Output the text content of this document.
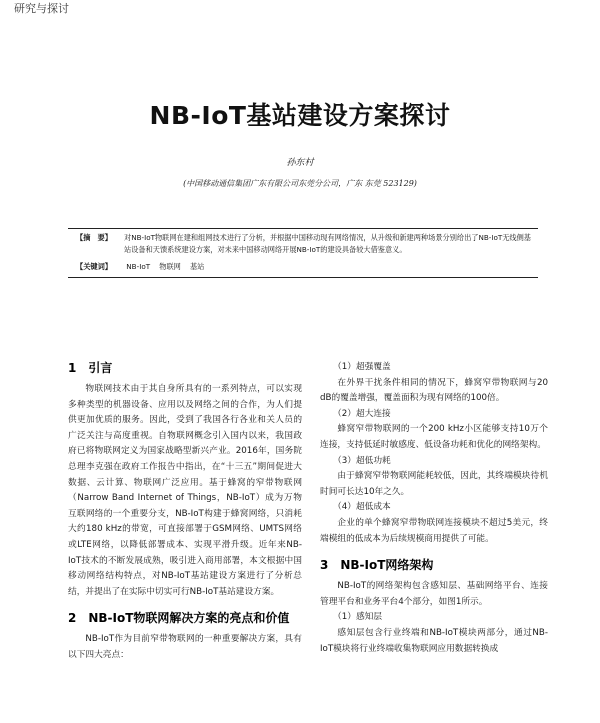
研究与探讨
NB-IoT基站建设方案探讨
孙东村
(中国移动通信集团广东有限公司东莞分公司，广东 东莞 523129)
【摘　要】	对NB-IoT物联网在建和组网技术进行了分析，并根据中国移动现有网络情况，从升级和新建两种场景分别给出了NB-IoT无线侧基站设备和天馈系统建设方案，对未来中国移动网络开展NB-IoT的建设具备较大借鉴意义。
【关键词】 NB-IoT 物联网 基站
1　引言

物联网技术由于其自身所具有的一系列特点，可以实现多种类型的机器设备、应用以及网络之间的合作，为人们提供更加优质的服务。因此，受到了我国各行各业和关人员的广泛关注与高度重视。自物联网概念引入国内以来，我国政府已将物联网定义为国家战略型新兴产业。2016年，国务院总理李克强在政府工作报告中指出，在“十三五”期间促进大数据、云计算、物联网广泛应用。基于蜂窝的窄带物联网（Narrow Band Internet of Things，NB-IoT）成为万物互联网络的一个重要分支，NB-IoT构建于蜂窝网络，只消耗大约180 kHz的带宽，可直接部署于GSM网络、UMTS网络或LTE网络，以降低部署成本、实现平滑升级。近年来NB-IoT技术的不断发展成熟，吸引进入商用部署，本文根据中国移动网络结构特点，对NB-IoT基站建设方案进行了分析总结，并提出了在实际中切实可行NB-IoT基站建设方案。

2　NB-IoT物联网解决方案的亮点和价值

NB-IoT作为目前窄带物联网的一种重要解决方案，具有以下四大亮点：

（1）超强覆盖

在外界干扰条件相同的情况下，蜂窝窄带物联网与20 dB的覆盖增强，覆盖面积为现有网络的100倍。

（2）超大连接

蜂窝窄带物联网的一个200 kHz小区能够支持10万个连接，支持低延时敏感度、低设备功耗和优化的网络架构。

（3）超低功耗

由于蜂窝窄带物联网能耗较低，因此，其终端模块待机时间可长达10年之久。

（4）超低成本

企业的单个蜂窝窄带物联网连接模块不超过5美元，终端模组的低成本为后续规模商用提供了可能。

3　NB-IoT网络架构

NB-IoT的网络架构包含感知层、基础网络平台、连接管理平台和业务平台4个部分，如图1所示。

（1）感知层

感知层包含行业终端和NB-IoT模块两部分，通过NB-IoT模块将行业终端收集物联网应用数据转换成
